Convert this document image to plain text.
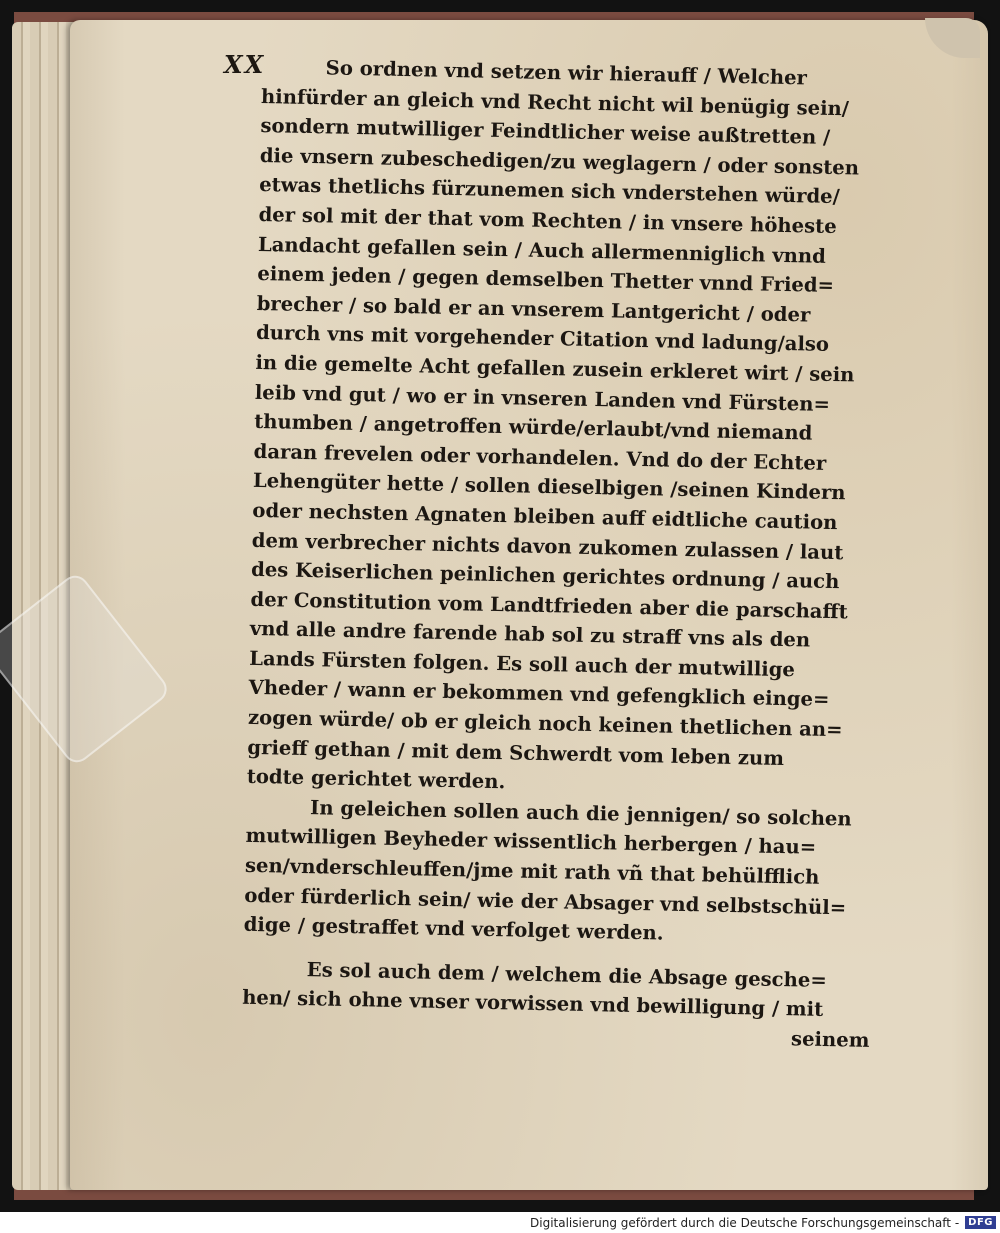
XX	So ordnen vnd setzen wir hierauff / Welcher
hinfürder an gleich vnd Recht nicht wil benügig sein/
sondern mutwilliger Feindtlicher weise außtretten /
die vnsern zubeschedigen/zu weglagern / oder sonsten
etwas thetlichs fürzunemen sich vnderstehen würde/
der sol mit der that vom Rechten / in vnsere höheste
Landacht gefallen sein / Auch allermenniglich vnnd
einem jeden / gegen demselben Thetter vnnd Fried=
brecher / so bald er an vnserem Lantgericht / oder
durch vns mit vorgehender Citation vnd ladung/also
in die gemelte Acht gefallen zusein erkleret wirt / sein
leib vnd gut / wo er in vnseren Landen vnd Fürsten=
thumben / angetroffen würde/erlaubt/vnd niemand
daran frevelen oder vorhandelen. Vnd do der Echter
Lehengüter hette / sollen dieselbigen /seinen Kindern
oder nechsten Agnaten bleiben auff eidtliche caution
dem verbrecher nichts davon zukomen zulassen / laut
des Keiserlichen peinlichen gerichtes ordnung / auch
der Constitution vom Landtfrieden aber die parschafft
vnd alle andre farende hab sol zu straff vns als den
Lands Fürsten folgen. Es soll auch der mutwillige
Vheder / wann er bekommen vnd gefengklich einge=
zogen würde/ ob er gleich noch keinen thetlichen an=
grieff gethan / mit dem Schwerdt vom leben zum
todte gerichtet werden.
In geleichen sollen auch die jennigen/ so solchen
mutwilligen Beyheder wissentlich herbergen / hau=
sen/vnderschleuffen/jme mit rath vñ that behülfflich
oder fürderlich sein/ wie der Absager vnd selbstschül=
dige / gestraffet vnd verfolget werden.
Es sol auch dem / welchem die Absage gesche=
hen/ sich ohne vnser vorwissen vnd bewilligung / mit
seinem
Digitalisierung gefördert durch die Deutsche Forschungsgemeinschaft - DFG
